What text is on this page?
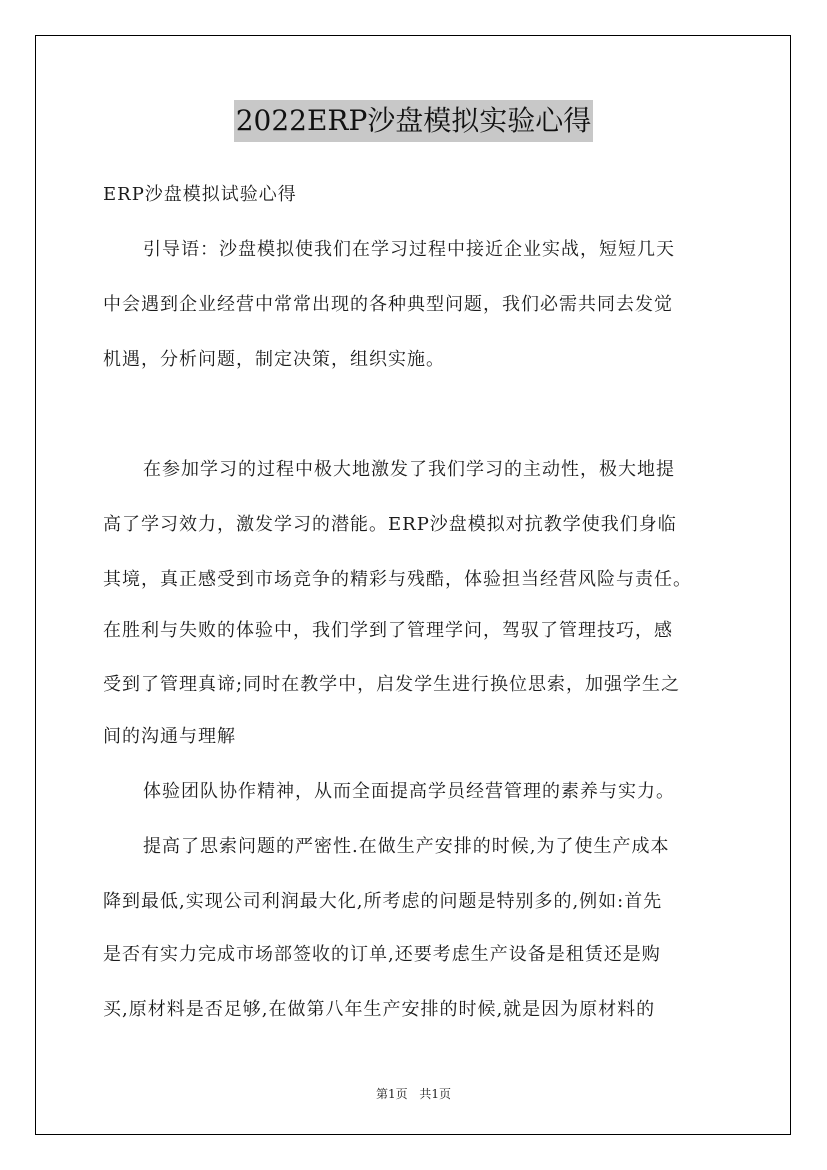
2022ERP沙盘模拟实验心得
ERP沙盘模拟试验心得
引导语：沙盘模拟使我们在学习过程中接近企业实战，短短几天
中会遇到企业经营中常常出现的各种典型问题，我们必需共同去发觉
机遇，分析问题，制定决策，组织实施。
在参加学习的过程中极大地激发了我们学习的主动性，极大地提
高了学习效力，激发学习的潜能。ERP沙盘模拟对抗教学使我们身临
其境，真正感受到市场竞争的精彩与残酷，体验担当经营风险与责任。
在胜利与失败的体验中，我们学到了管理学问，驾驭了管理技巧，感
受到了管理真谛;同时在教学中，启发学生进行换位思索，加强学生之
间的沟通与理解
体验团队协作精神，从而全面提高学员经营管理的素养与实力。
提高了思索问题的严密性.在做生产安排的时候,为了使生产成本
降到最低,实现公司利润最大化,所考虑的问题是特别多的,例如:首先
是否有实力完成市场部签收的订单,还要考虑生产设备是租赁还是购
买,原材料是否足够,在做第八年生产安排的时候,就是因为原材料的
第1页 共1页
